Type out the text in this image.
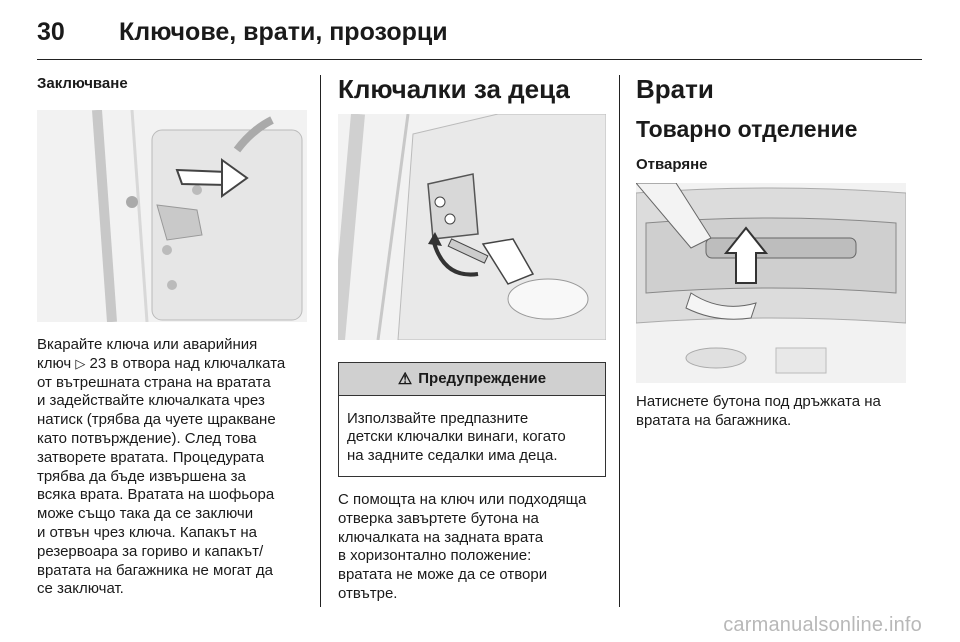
30 Ключове, врати, прозорци
Заключване
Вкарайте ключа или аварийния
ключ ▷ 23 в отвора над ключалката
от вътрешната страна на вратата
и задействайте ключалката чрез
натиск (трябва да чуете щракване
като потвърждение). След това
затворете вратата. Процедурата
трябва да бъде извършена за
всяка врата. Вратата на шофьора
може също така да се заключи
и отвън чрез ключа. Капакът на
резервоара за гориво и капакът/
вратата на багажника не могат да
се заключат.
Ключалки за деца
⚠ Предупреждение
Използвайте предпазните
детски ключалки винаги, когато
на задните седалки има деца.
С помощта на ключ или подходяща
отверка завъртете бутона на
ключалката на задната врата
в хоризонтално положение:
вратата не може да се отвори
отвътре.
Врати
Товарно отделение
Отваряне
Натиснете бутона под дръжката на
вратата на багажника.
carmanualsonline.info
